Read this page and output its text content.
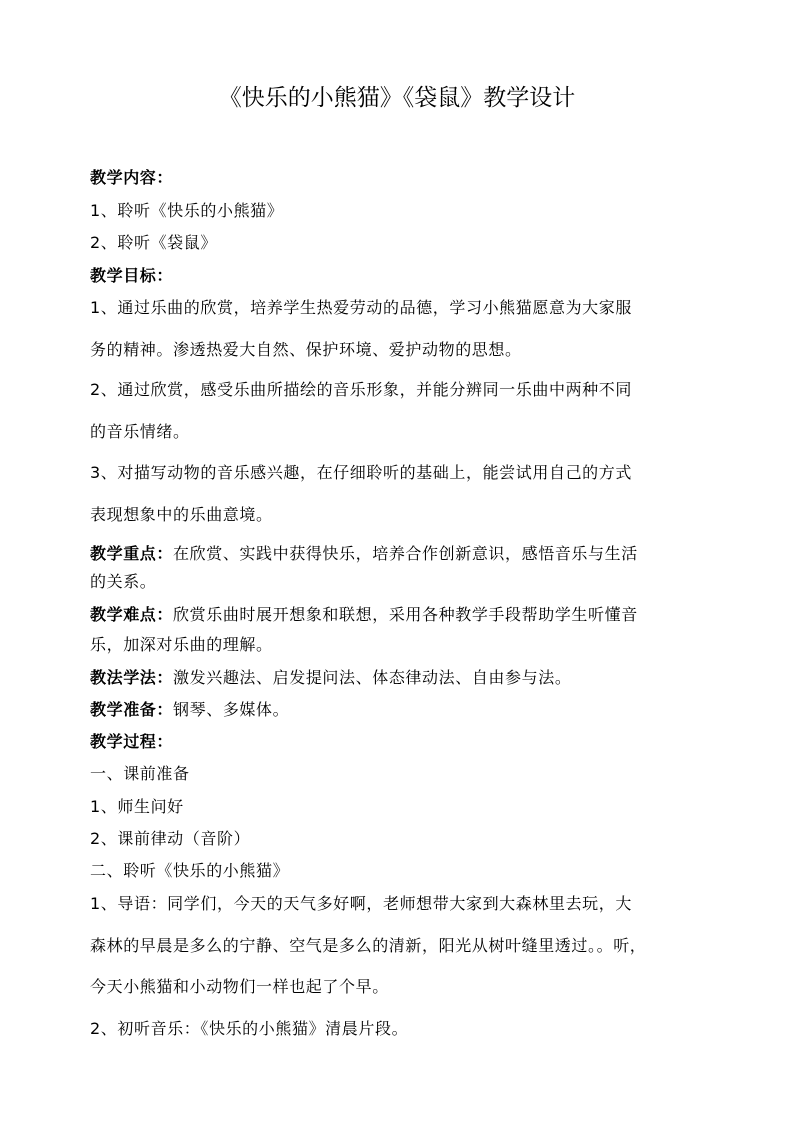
《快乐的小熊猫》《袋鼠》教学设计
教学内容：
1、聆听《快乐的小熊猫》
2、聆听《袋鼠》
教学目标：
1、通过乐曲的欣赏，培养学生热爱劳动的品德，学习小熊猫愿意为大家服
务的精神。渗透热爱大自然、保护环境、爱护动物的思想。
2、通过欣赏，感受乐曲所描绘的音乐形象，并能分辨同一乐曲中两种不同
的音乐情绪。
3、对描写动物的音乐感兴趣，在仔细聆听的基础上，能尝试用自己的方式
表现想象中的乐曲意境。
教学重点：在欣赏、实践中获得快乐，培养合作创新意识，感悟音乐与生活
的关系。
教学难点：欣赏乐曲时展开想象和联想，采用各种教学手段帮助学生听懂音
乐，加深对乐曲的理解。
教法学法：激发兴趣法、启发提问法、体态律动法、自由参与法。
教学准备：钢琴、多媒体。
教学过程：
一、课前准备
1、师生问好
2、课前律动（音阶）
二、聆听《快乐的小熊猫》
1、导语：同学们，今天的天气多好啊，老师想带大家到大森林里去玩，大
森林的早晨是多么的宁静、空气是多么的清新，阳光从树叶缝里透过。。听，
今天小熊猫和小动物们一样也起了个早。
2、初听音乐：《快乐的小熊猫》清晨片段。
